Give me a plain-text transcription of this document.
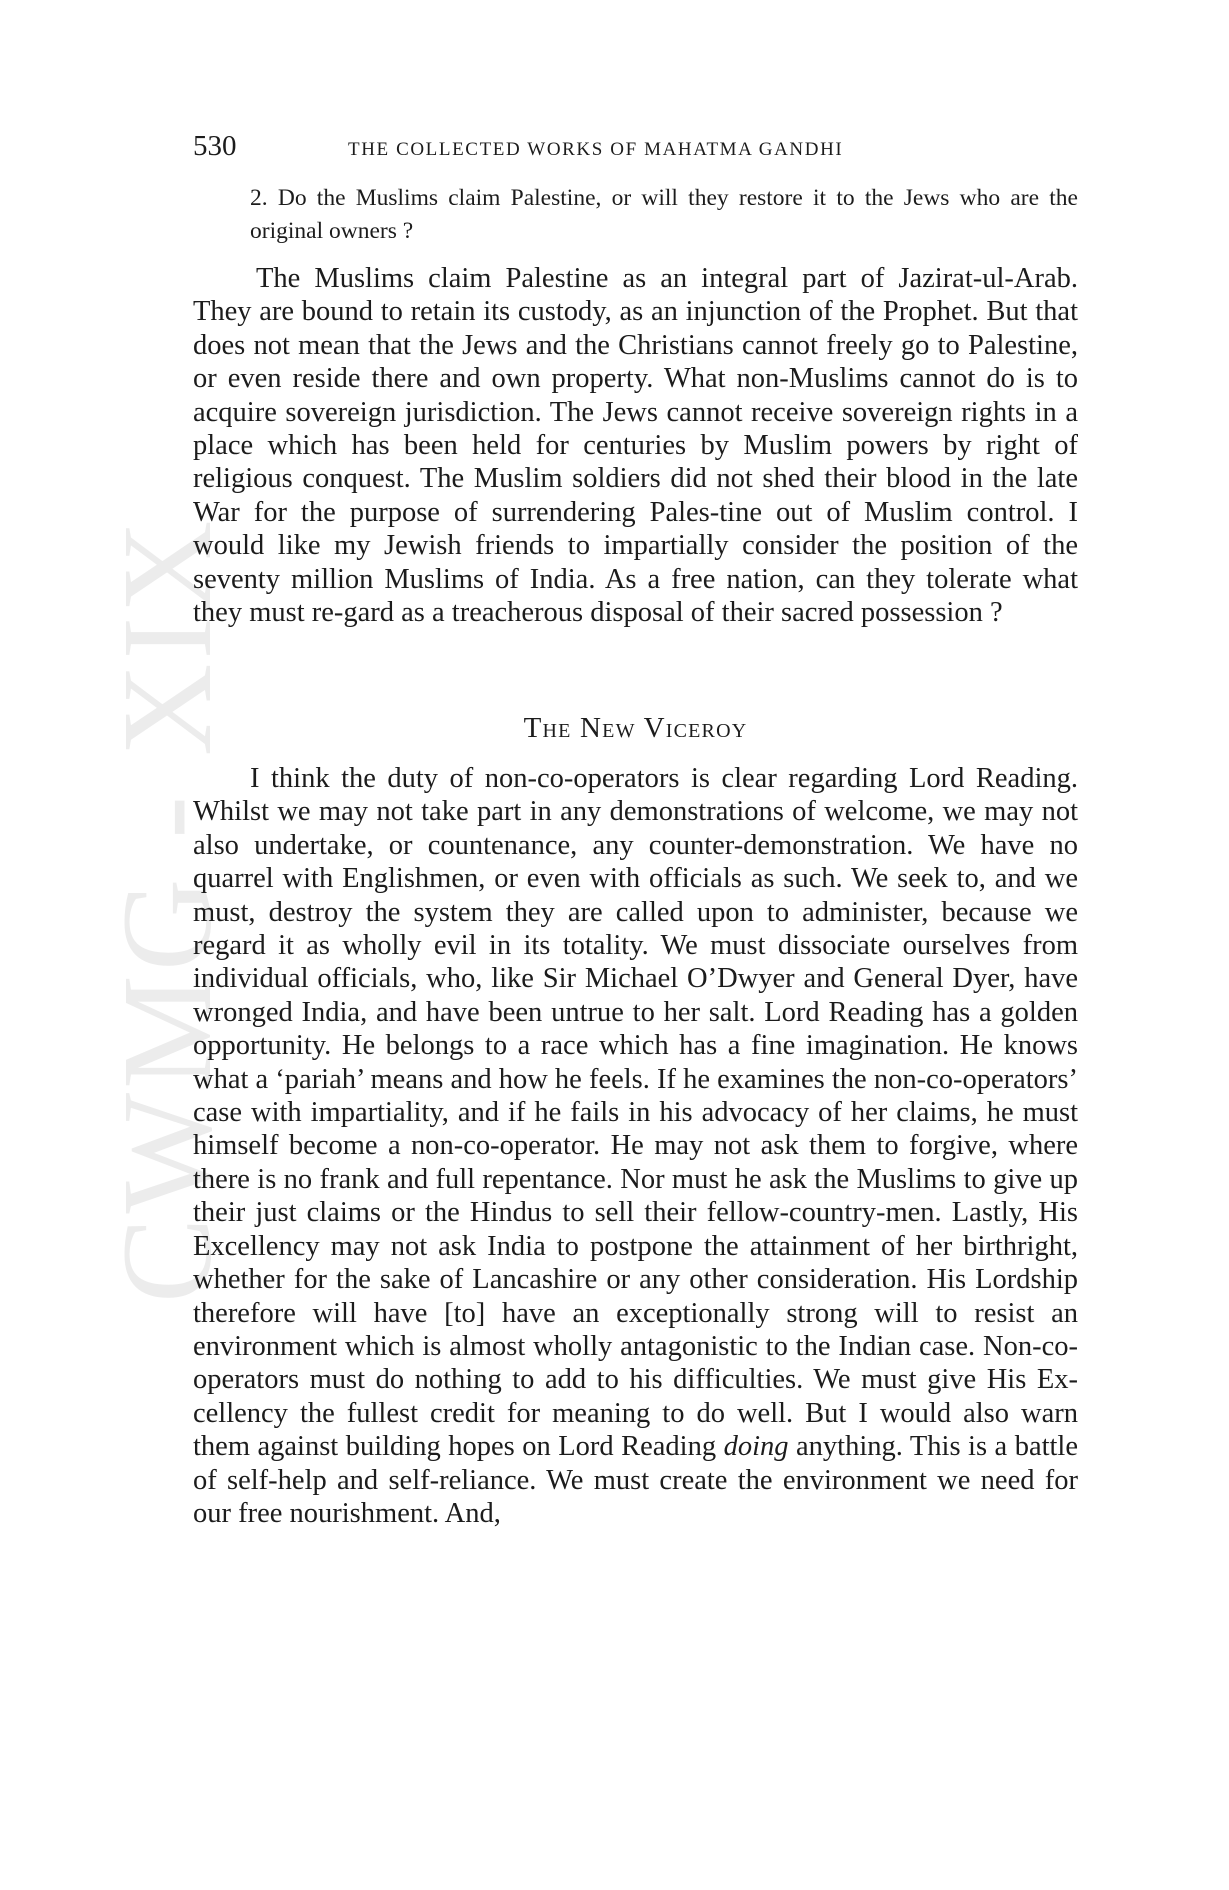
CWMG - XIX
530	THE COLLECTED WORKS OF MAHATMA GANDHI
2. Do the Muslims claim Palestine, or will they restore it to the Jews who are the original owners ?
The Muslims claim Palestine as an integral part of Jazirat-ul-Arab. They are bound to retain its custody, as an injunction of the Prophet. But that does not mean that the Jews and the Christians cannot freely go to Palestine, or even reside there and own property. What non-Muslims cannot do is to acquire sovereign jurisdiction. The Jews cannot receive sovereign rights in a place which has been held for centuries by Muslim powers by right of religious conquest. The Muslim soldiers did not shed their blood in the late War for the purpose of surrendering Pales-tine out of Muslim control. I would like my Jewish friends to impartially consider the position of the seventy million Muslims of India. As a free nation, can they tolerate what they must re-gard as a treacherous disposal of their sacred possession ?
The New Viceroy
I think the duty of non-co-operators is clear regarding Lord Reading. Whilst we may not take part in any demonstrations of welcome, we may not also undertake, or countenance, any counter-demonstration. We have no quarrel with Englishmen, or even with officials as such. We seek to, and we must, destroy the system they are called upon to administer, because we regard it as wholly evil in its totality. We must dissociate ourselves from individual officials, who, like Sir Michael O’Dwyer and General Dyer, have wronged India, and have been untrue to her salt. Lord Reading has a golden opportunity. He belongs to a race which has a fine imagination. He knows what a ‘pariah’ means and how he feels. If he examines the non-co-operators’ case with impartiality, and if he fails in his advocacy of her claims, he must himself become a non-co-operator. He may not ask them to forgive, where there is no frank and full repentance. Nor must he ask the Muslims to give up their just claims or the Hindus to sell their fellow-country-men. Lastly, His Excellency may not ask India to postpone the attainment of her birthright, whether for the sake of Lancashire or any other consideration. His Lordship therefore will have [to] have an exceptionally strong will to resist an environment which is almost wholly antagonistic to the Indian case. Non-co-operators must do nothing to add to his difficulties. We must give His Ex-cellency the fullest credit for meaning to do well. But I would also warn them against building hopes on Lord Reading doing anything. This is a battle of self-help and self-reliance. We must create the environment we need for our free nourishment. And,
